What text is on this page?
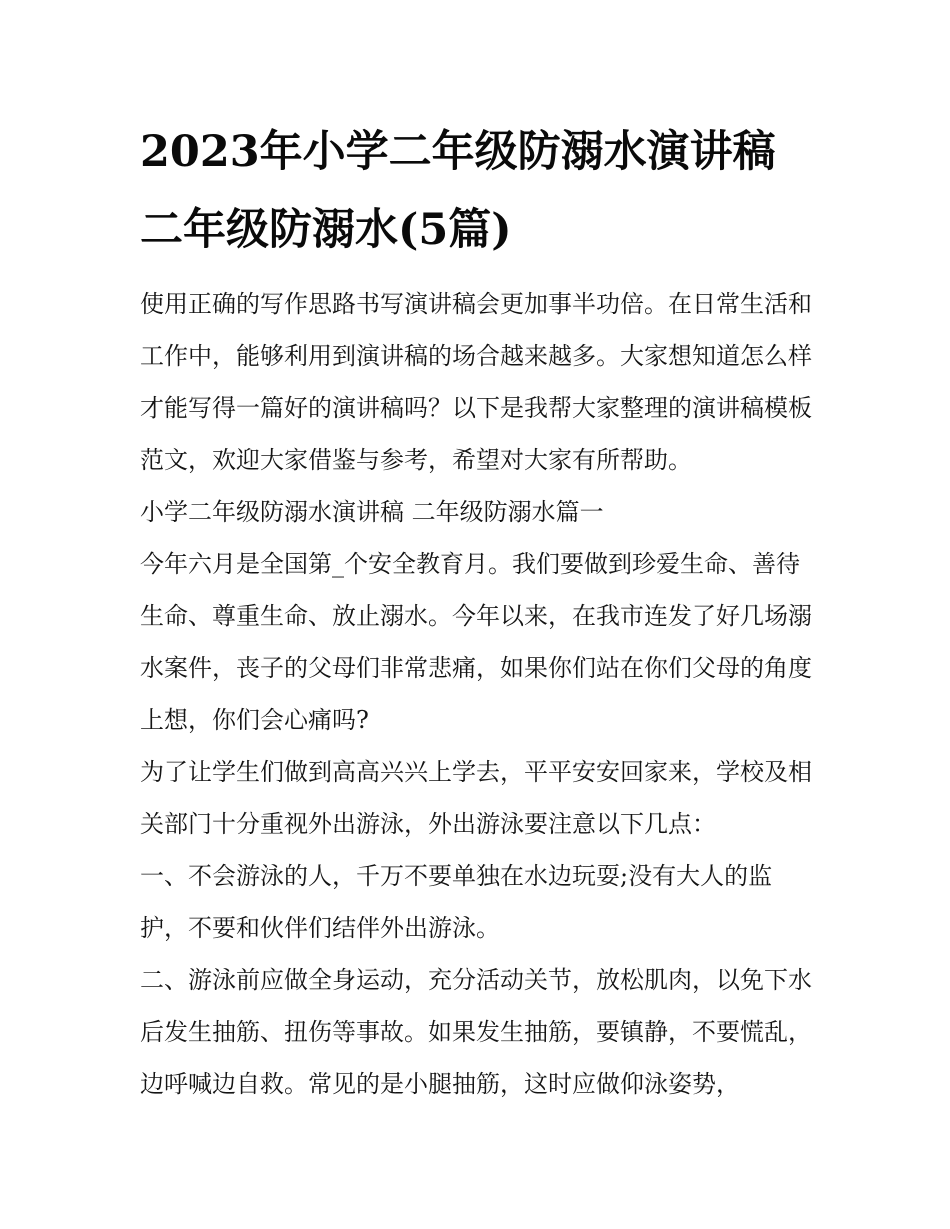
2023年小学二年级防溺水演讲稿 二年级防溺水(5篇)

使用正确的写作思路书写演讲稿会更加事半功倍。在日常生活和工作中，能够利用到演讲稿的场合越来越多。大家想知道怎么样才能写得一篇好的演讲稿吗？以下是我帮大家整理的演讲稿模板范文，欢迎大家借鉴与参考，希望对大家有所帮助。

小学二年级防溺水演讲稿 二年级防溺水篇一

今年六月是全国第_个安全教育月。我们要做到珍爱生命、善待生命、尊重生命、放止溺水。今年以来，在我市连发了好几场溺水案件，丧子的父母们非常悲痛，如果你们站在你们父母的角度上想，你们会心痛吗?

为了让学生们做到高高兴兴上学去，平平安安回家来，学校及相关部门十分重视外出游泳，外出游泳要注意以下几点：

一、不会游泳的人，千万不要单独在水边玩耍;没有大人的监护，不要和伙伴们结伴外出游泳。

二、游泳前应做全身运动，充分活动关节，放松肌肉，以免下水后发生抽筋、扭伤等事故。如果发生抽筋，要镇静，不要慌乱，边呼喊边自救。常见的是小腿抽筋，这时应做仰泳姿势，
